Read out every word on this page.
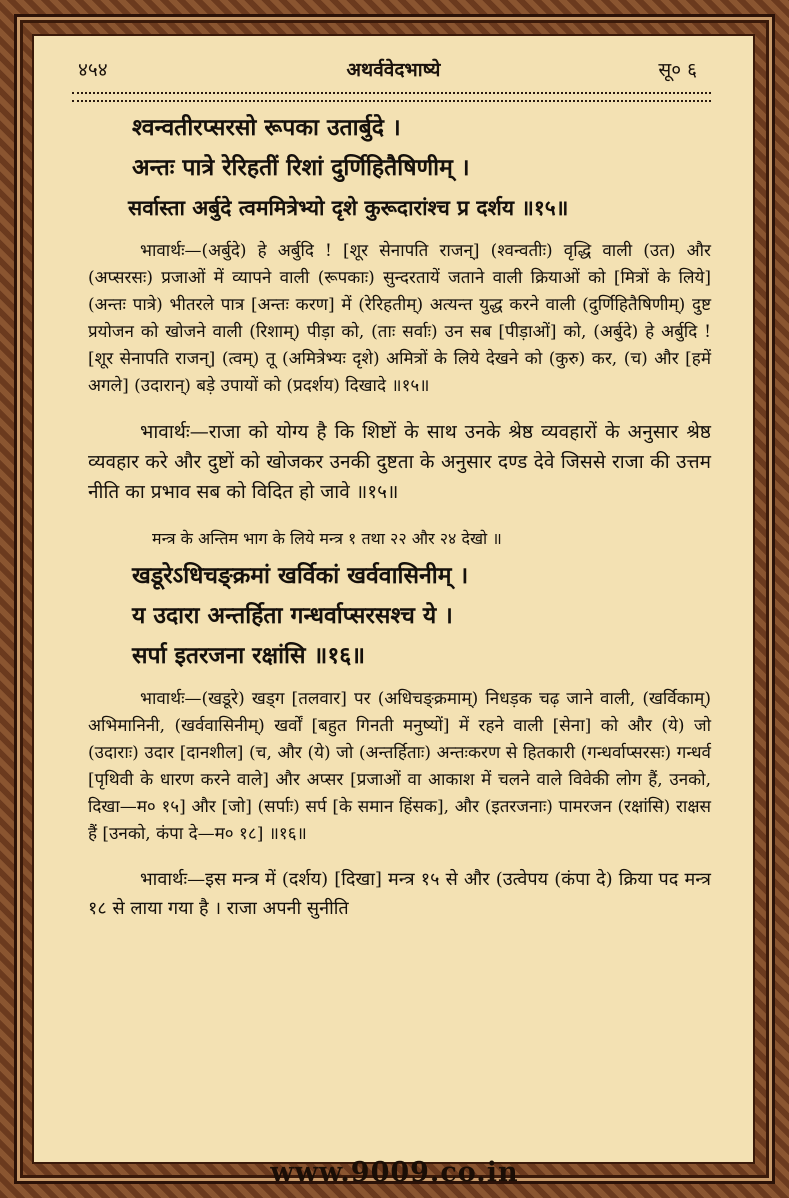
४५४	अथर्ववेदभाष्ये	सू० ६
श्वन्वतीरप्सरसो रूपका उतार्बुदे ।
अन्तः पात्रे रेरिहतीं रिशां दुर्णिहितैषिणीम् ।
सर्वास्ता अर्बुदे त्वममित्रेभ्यो दृशे कुरूदारांश्च प्र दर्शय ॥१५॥

भावार्थः—(अर्बुदे) हे अर्बुदि ! [शूर सेनापति राजन्] (श्वन्वतीः) वृद्धि वाली (उत) और (अप्सरसः) प्रजाओं में व्यापने वाली (रूपकाः) सुन्दरतायें जताने वाली क्रियाओं को [मित्रों के लिये] (अन्तः पात्रे) भीतरले पात्र [अन्तः करण] में (रेरिहतीम्) अत्यन्त युद्ध करने वाली (दुर्णिहितैषिणीम्) दुष्ट प्रयोजन को खोजने वाली (रिशाम्) पीड़ा को, (ताः सर्वाः) उन सब [पीड़ाओं] को, (अर्बुदे) हे अर्बुदि ! [शूर सेनापति राजन्] (त्वम्) तू (अमित्रेभ्यः दृशे) अमित्रों के लिये देखने को (कुरु) कर, (च) और [हमें अगले] (उदारान्) बड़े उपायों को (प्रदर्शय) दिखादे ॥१५॥

भावार्थः—राजा को योग्य है कि शिष्टों के साथ उनके श्रेष्ठ व्यवहारों के अनुसार श्रेष्ठ व्यवहार करे और दुष्टों को खोजकर उनकी दुष्टता के अनुसार दण्ड देवे जिससे राजा की उत्तम नीति का प्रभाव सब को विदित हो जावे ॥१५॥

मन्त्र के अन्तिम भाग के लिये मन्त्र १ तथा २२ और २४ देखो ॥
खडूरेऽधिचङ्क्रमां खर्विकां खर्ववासिनीम् ।
य उदारा अन्तर्हिता गन्धर्वाप्सरसश्च ये ।
सर्पा इतरजना रक्षांसि ॥१६॥

भावार्थः—(खडूरे) खड्ग [तलवार] पर (अधिचङ्क्रमाम्) निधड़क चढ़ जाने वाली, (खर्विकाम्) अभिमानिनी, (खर्ववासिनीम्) खर्वों [बहुत गिनती मनुष्यों] में रहने वाली [सेना] को और (ये) जो (उदाराः) उदार [दानशील] (च, और (ये) जो (अन्तर्हिताः) अन्तःकरण से हितकारी (गन्धर्वाप्सरसः) गन्धर्व [पृथिवी के धारण करने वाले] और अप्सर [प्रजाओं वा आकाश में चलने वाले विवेकी लोग हैं, उनको, दिखा—म० १५] और [जो] (सर्पाः) सर्प [के समान हिंसक], और (इतरजनाः) पामरजन (रक्षांसि) राक्षस हैं [उनको, कंपा दे—म० १८] ॥१६॥

भावार्थः—इस मन्त्र में (दर्शय) [दिखा] मन्त्र १५ से और (उत्वेपय (कंपा दे) क्रिया पद मन्त्र १८ से लाया गया है । राजा अपनी सुनीति

www.9009.co.in
